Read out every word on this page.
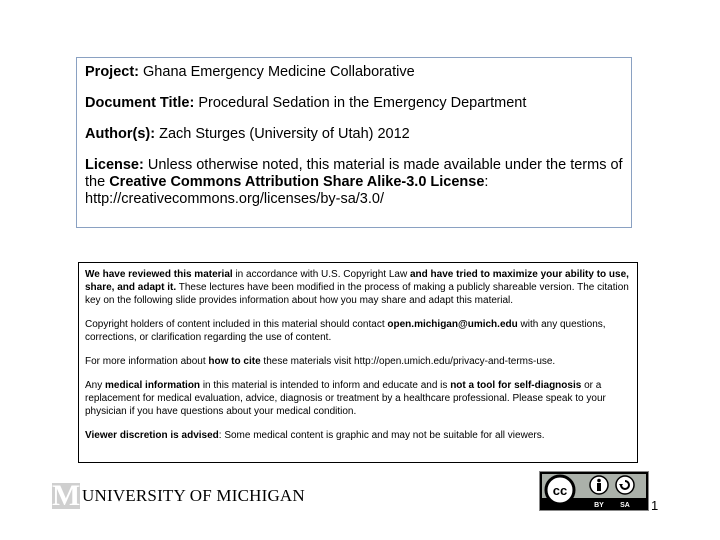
Project: Ghana Emergency Medicine Collaborative

Document Title: Procedural Sedation in the Emergency Department

Author(s): Zach Sturges (University of Utah) 2012

License: Unless otherwise noted, this material is made available under the terms of the Creative Commons Attribution Share Alike-3.0 License: http://creativecommons.org/licenses/by-sa/3.0/

We have reviewed this material in accordance with U.S. Copyright Law and have tried to maximize your ability to use, share, and adapt it. These lectures have been modified in the process of making a publicly shareable version. The citation key on the following slide provides information about how you may share and adapt this material.

Copyright holders of content included in this material should contact open.michigan@umich.edu with any questions, corrections, or clarification regarding the use of content.

For more information about how to cite these materials visit http://open.umich.edu/privacy-and-terms-use.

Any medical information in this material is intended to inform and educate and is not a tool for self-diagnosis or a replacement for medical evaluation, advice, diagnosis or treatment by a healthcare professional. Please speak to your physician if you have questions about your medical condition.

Viewer discretion is advised: Some medical content is graphic and may not be suitable for all viewers.

M UNIVERSITY OF MICHIGAN	cc
BY SA 1
